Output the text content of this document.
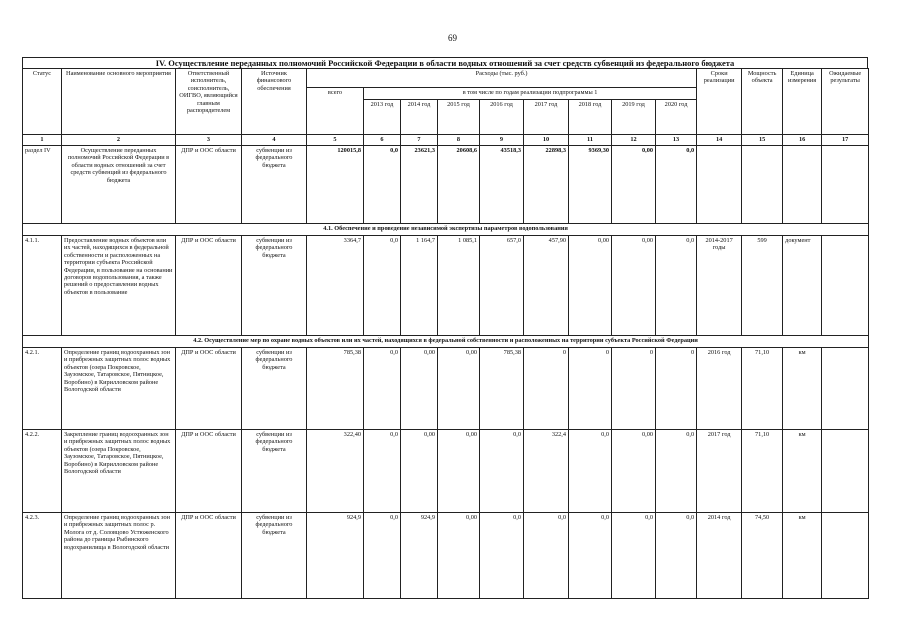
69
IV. Осуществление переданных полномочий Российской Федерации в области водных отношений за счет средств субвенций из федерального бюджета
Статус	Наименование основного мероприятия	Ответственный исполнитель, соисполнитель, ОИГВО, являющийся главным распорядителем	Источник финансового обеспечения	Расходы (тыс. руб.)									Сроки реализации	Мощность объекта	Единица измерения	Ожидаемые результаты
				всего	в том числе по годам реализации подпрограммы 1											
					2013 год	2014 год	2015 год	2016 год	2017 год	2018 год	2019 год	2020 год				
1	2	3	4	5	6	7	8	9	10	11	12	13	14	15	16	17
раздел IV	Осуществление переданных полномочий Российской Федерации в области водных отношений за счет средств субвенций из федерального бюджета	ДПР и ООС области	субвенции из федерального бюджета	120015,8	0,0	23621,3	20608,6	43518,3	22898,3	9369,30	0,00	0,0				
4.1. Обеспечение и проведение независимой экспертизы параметров водопользования																
4.1.1.	Предоставление водных объектов или их частей, находящихся в федеральной собственности и расположенных на территории субъекта Российской Федерации, в пользование на основании договоров водопользования, а также решений о предоставлении водных объектов в пользование	ДПР и ООС области	субвенции из федерального бюджета	3364,7	0,0	1 164,7	1 085,1	657,0	457,90	0,00	0,00	0,0	2014-2017 годы	599	документ	
4.2. Осуществление мер по охране водных объектов или их частей, находящихся в федеральной собственности и расположенных на территории субъекта Российской Федерации																
4.2.1.	Определение границ водоохранных зон и прибрежных защитных полос водных объектов (озера Покровское, Заузомское, Татаровское, Пятницкое, Воробино) в Кирилловском районе Вологодской области	ДПР и ООС области	субвенции из федерального бюджета	785,38	0,0	0,00	0,00	785,38	0	0	0	0	2016 год	71,10	км	
4.2.2.	Закрепление границ водоохранных зон и прибрежных защитных полос водных объектов (озера Покровское, Заузомское, Татаровское, Пятницкое, Воробино) в Кирилловском районе Вологодской области	ДПР и ООС области	субвенции из федерального бюджета	322,40	0,0	0,00	0,00	0,0	322,4	0,0	0,00	0,0	2017 год	71,10	км	
4.2.3.	Определение границ водоохранных зон и прибрежных защитных полос р. Молога от д. Соловцово Устюженского района до границы Рыбинского водохранилища в Вологодской области	ДПР и ООС области	субвенции из федерального бюджета	924,9	0,0	924,9	0,00	0,0	0,0	0,0	0,0	0,0	2014 год	74,50	км	
